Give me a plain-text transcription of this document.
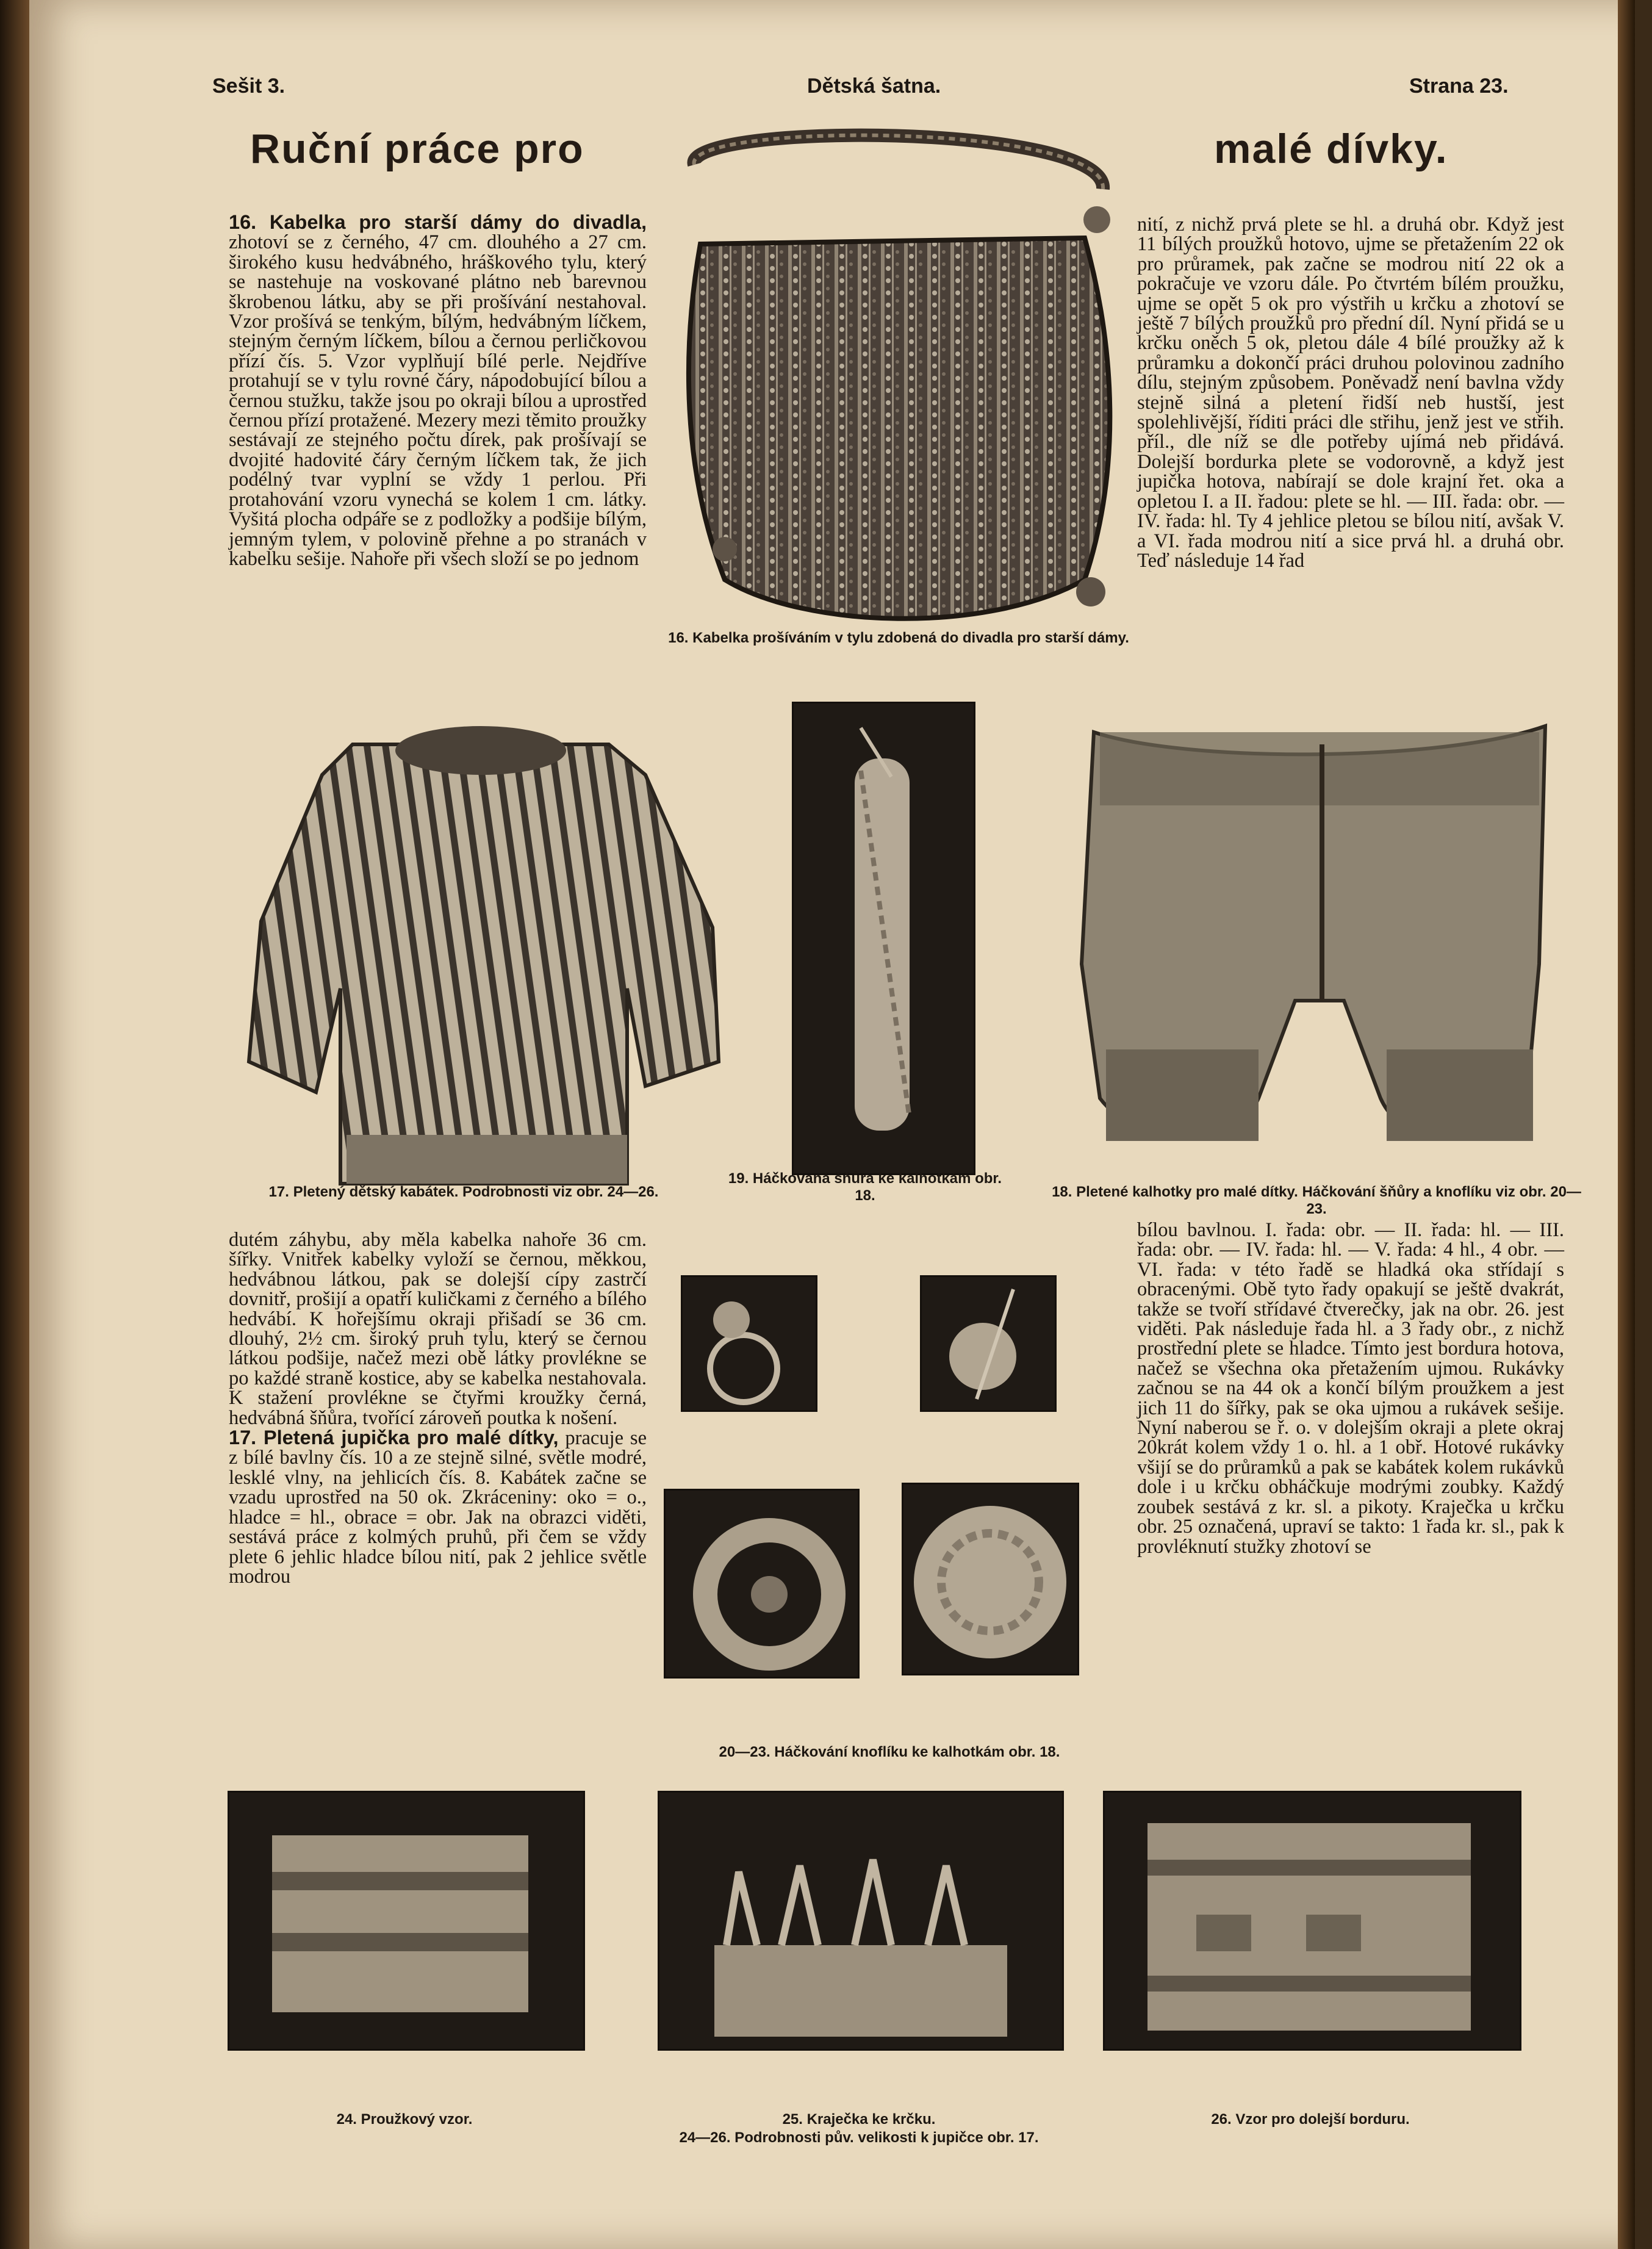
Sešit 3.	Dětská šatna.	Strana 23.
Ruční práce pro	malé dívky.
16. Kabelka pro starší dámy do divadla, zhotoví se z černého, 47 cm. dlouhého a 27 cm. širokého kusu hedvábného, hráškového tylu, který se nastehuje na voskované plátno neb barevnou škrobenou látku, aby se při prošívání nestahoval. Vzor prošívá se tenkým, bílým, hedvábným líčkem, stejným černým líčkem, bílou a černou perličkovou přízí čís. 5. Vzor vyplňují bílé perle. Nejdříve protahují se v tylu rovné čáry, nápodobující bílou a černou stužku, takže jsou po okraji bílou a uprostřed černou přízí protažené. Mezery mezi těmito proužky sestávají ze stejného počtu dírek, pak prošívají se dvojité hadovité čáry černým líčkem tak, že jich podélný tvar vyplní se vždy 1 perlou. Při protahování vzoru vynechá se kolem 1 cm. látky. Vyšitá plocha odpáře se z podložky a podšije bílým, jemným tylem, v polovině přehne a po stranách v kabelku sešije. Nahoře při všech složí se po jednom
16. Kabelka prošíváním v tylu zdobená do divadla pro starší dámy.
nití, z nichž prvá plete se hl. a druhá obr. Když jest 11 bílých proužků hotovo, ujme se přetažením 22 ok pro průramek, pak začne se modrou nití 22 ok a pokračuje ve vzoru dále. Po čtvrtém bílém proužku, ujme se opět 5 ok pro výstřih u krčku a zhotoví se ještě 7 bílých proužků pro přední díl. Nyní přidá se u krčku oněch 5 ok, pletou dále 4 bílé proužky až k průramku a dokončí práci druhou polovinou zadního dílu, stejným způsobem. Poněvadž není bavlna vždy stejně silná a pletení řidší neb hustší, jest spolehlivější, říditi práci dle střihu, jenž jest ve střih. příl., dle níž se dle potřeby ujímá neb přidává. Dolejší bordurka plete se vodorovně, a když jest jupička hotova, nabírají se dole krajní řet. oka a opletou I. a II. řadou: plete se hl. — III. řada: obr. — IV. řada: hl. Ty 4 jehlice pletou se bílou nití, avšak V. a VI. řada modrou nití a sice prvá hl. a druhá obr. Teď následuje 14 řad
17. Pletený dětský kabátek. Podrobnosti viz obr. 24—26.
19. Háčkovaná šňůra ke kalhotkám obr. 18.	18. Pletené kalhotky pro malé dítky. Háčkování šňůry a knoflíku viz obr. 20—23.
dutém záhybu, aby měla kabelka nahoře 36 cm. šířky. Vnitřek kabelky vyloží se černou, měkkou, hedvábnou látkou, pak se dolejší cípy zastrčí dovnitř, prošijí a opatří kuličkami z černého a bílého hedvábí. K hořejšímu okraji přišadí se 36 cm. dlouhý, 2½ cm. široký pruh tylu, který se černou látkou podšije, načež mezi obě látky provlékne se po každé straně kostice, aby se kabelka nestahovala. K stažení provlékne se čtyřmi kroužky černá, hedvábná šňůra, tvořící zároveň poutka k nošení.
17. Pletená jupička pro malé dítky, pracuje se z bílé bavlny čís. 10 a ze stejně silné, světle modré, lesklé vlny, na jehlicích čís. 8. Kabátek začne se vzadu uprostřed na 50 ok. Zkráceniny: oko = o., hladce = hl., obrace = obr. Jak na obrazci viděti, sestává práce z kolmých pruhů, při čem se vždy plete 6 jehlic hladce bílou nití, pak 2 jehlice světle modrou
20—23. Háčkování knoflíku ke kalhotkám obr. 18.
bílou bavlnou. I. řada: obr. — II. řada: hl. — III. řada: obr. — IV. řada: hl. — V. řada: 4 hl., 4 obr. — VI. řada: v této řadě se hladká oka střídají s obracenými. Obě tyto řady opakují se ještě dvakrát, takže se tvoří střídavé čtverečky, jak na obr. 26. jest viděti. Pak následuje řada hl. a 3 řady obr., z nichž prostřední plete se hladce. Tímto jest bordura hotova, načež se všechna oka přetažením ujmou. Rukávky začnou se na 44 ok a končí bílým proužkem a jest jich 11 do šířky, pak se oka ujmou a rukávek sešije. Nyní naberou se ř. o. v dolejším okraji a plete okraj 20krát kolem vždy 1 o. hl. a 1 obř. Hotové rukávky všijí se do průramků a pak se kabátek kolem rukávků dole i u krčku obháčkuje modrými zoubky. Každý zoubek sestává z kr. sl. a pikoty. Kraječka u krčku obr. 25 označená, upraví se takto: 1 řada kr. sl., pak k provléknutí stužky zhotoví se
24. Proužkový vzor.	25. Kraječka ke krčku.
24—26. Podrobnosti pův. velikosti k jupičce obr. 17.
26. Vzor pro dolejší borduru.
